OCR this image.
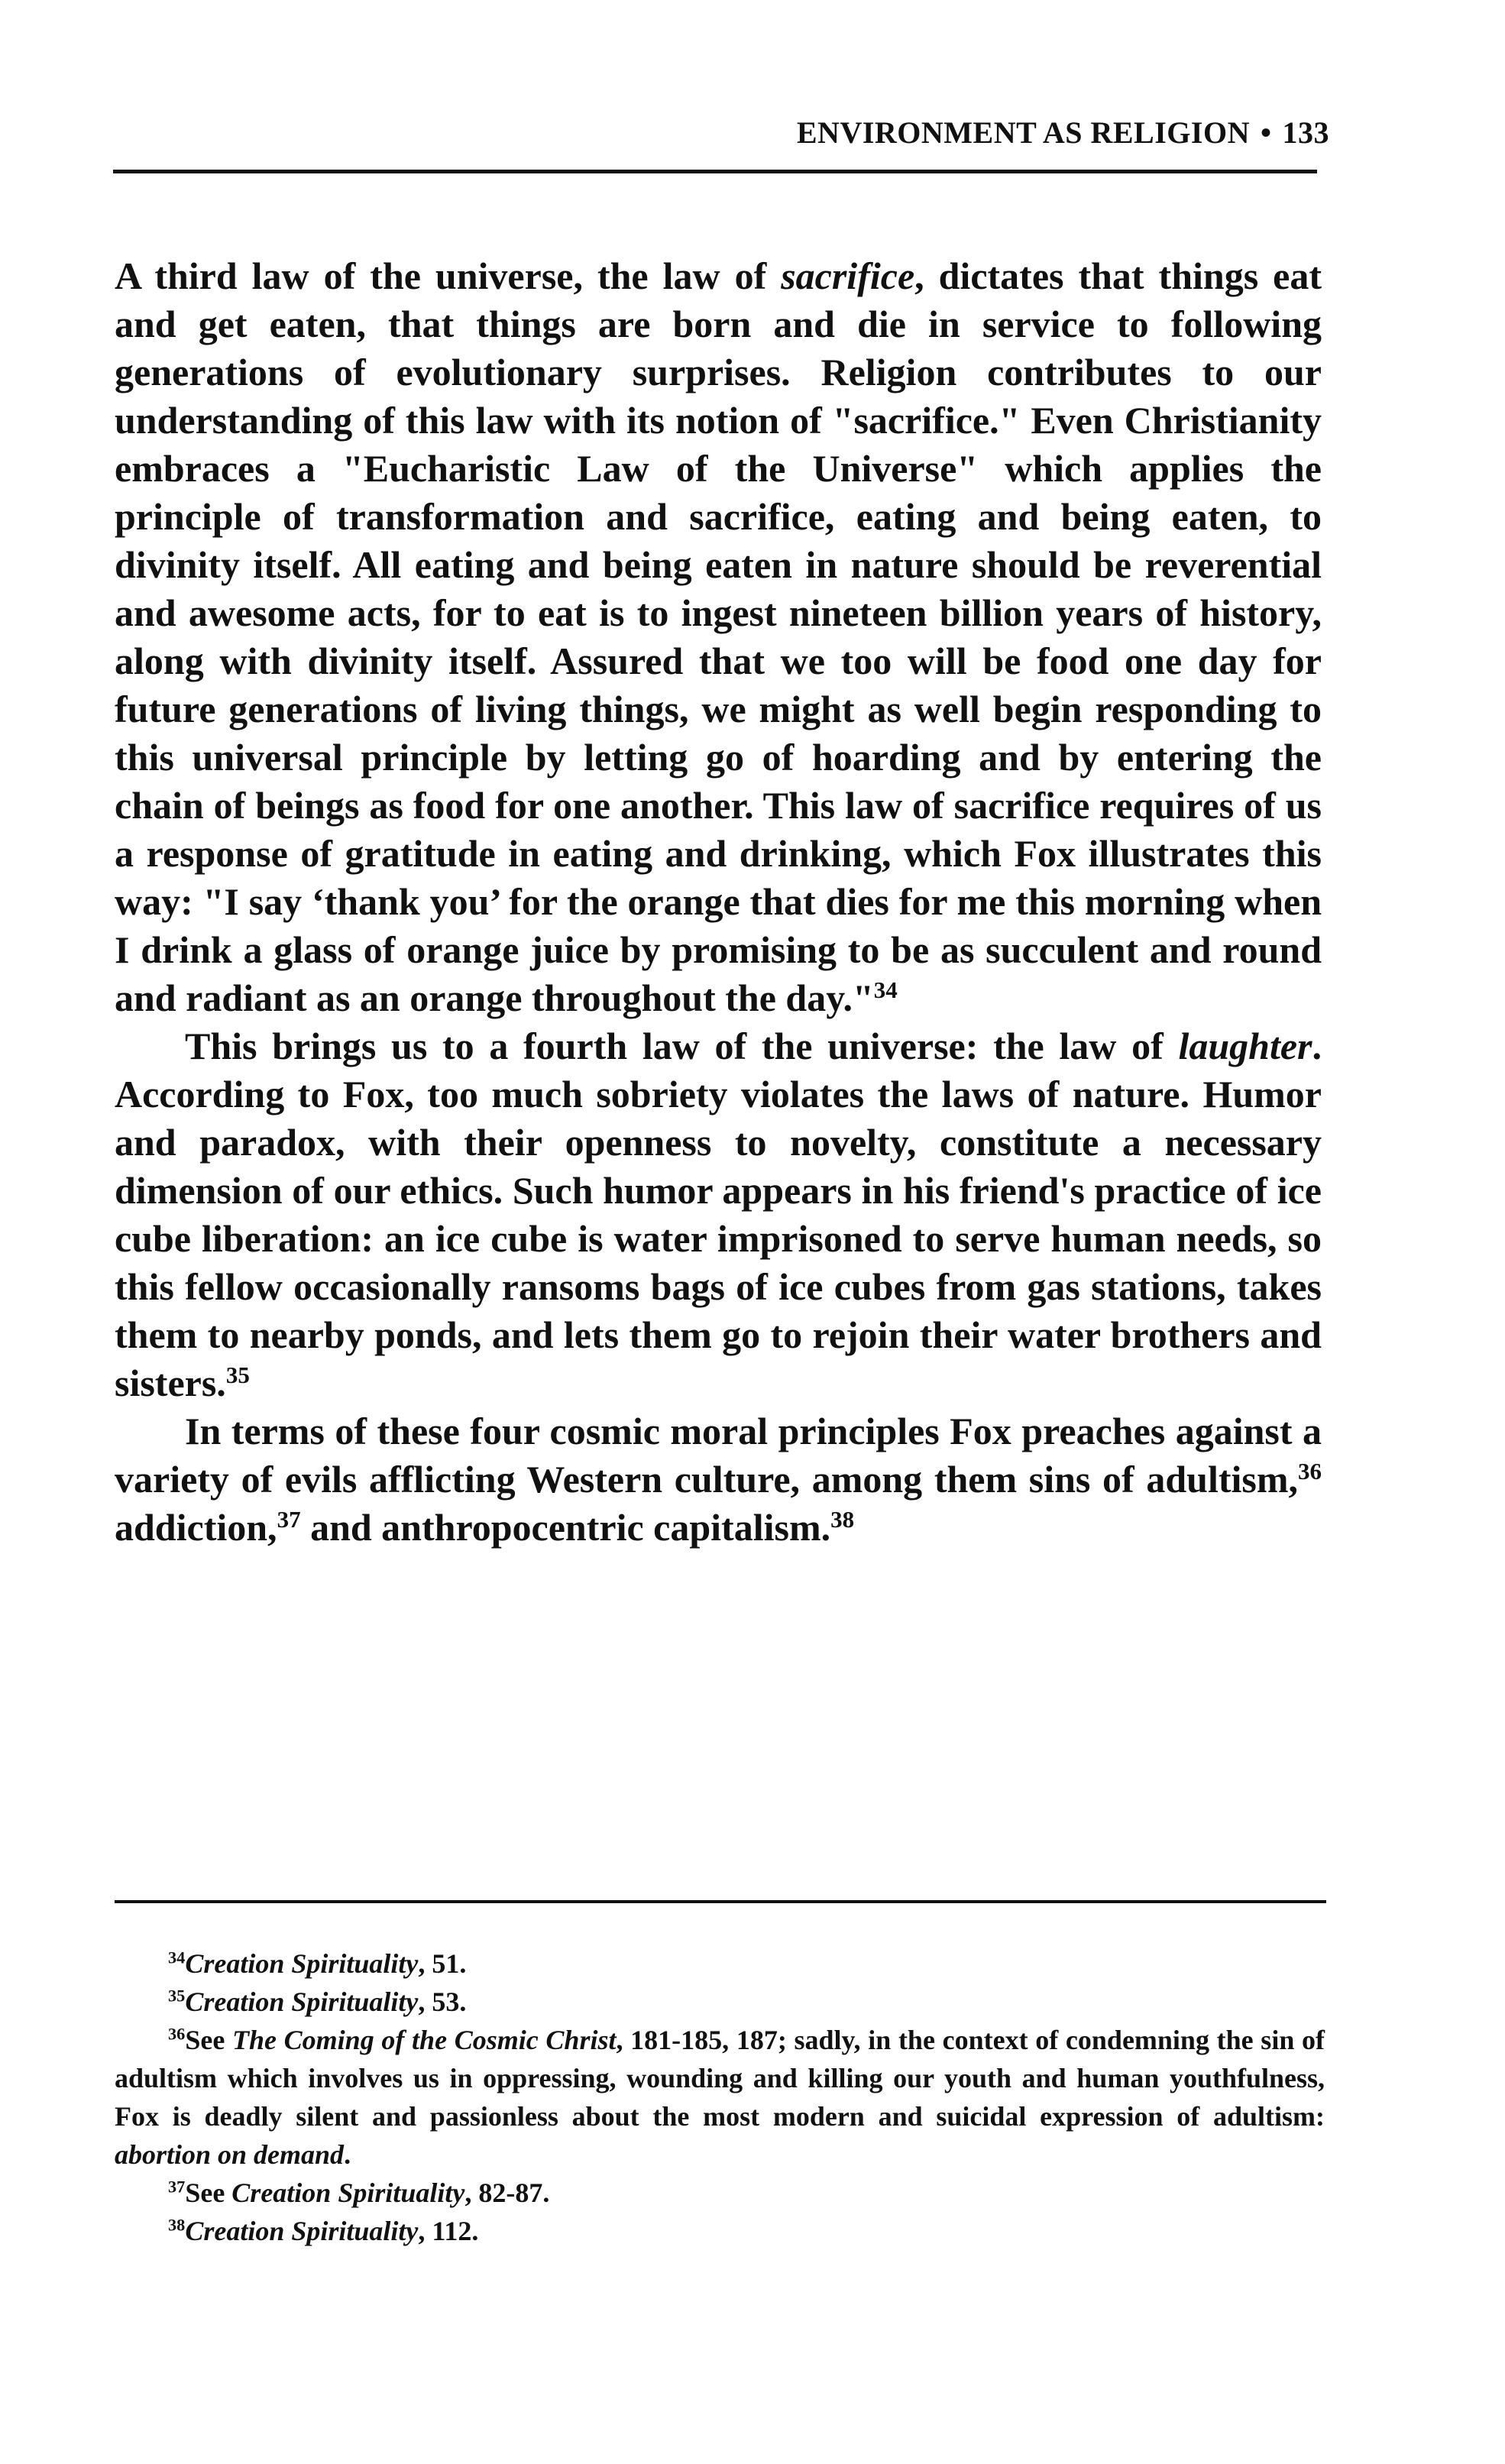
ENVIRONMENT AS RELIGION • 133

A third law of the universe, the law of sacrifice, dictates that things eat and get eaten, that things are born and die in service to following generations of evolutionary surprises. Religion contributes to our understanding of this law with its notion of "sacrifice." Even Christianity embraces a "Eucharistic Law of the Universe" which applies the principle of transformation and sacrifice, eating and being eaten, to divinity itself. All eating and being eaten in nature should be reverential and awesome acts, for to eat is to ingest nineteen billion years of history, along with divinity itself. Assured that we too will be food one day for future generations of living things, we might as well begin responding to this universal principle by letting go of hoarding and by entering the chain of beings as food for one another. This law of sacrifice requires of us a response of gratitude in eating and drinking, which Fox illustrates this way: "I say ‘thank you’ for the orange that dies for me this morning when I drink a glass of orange juice by promising to be as succulent and round and radiant as an orange throughout the day."$^{34}$

This brings us to a fourth law of the universe: the law of laughter. According to Fox, too much sobriety violates the laws of nature. Humor and paradox, with their openness to novelty, constitute a necessary dimension of our ethics. Such humor appears in his friend's practice of ice cube liberation: an ice cube is water imprisoned to serve human needs, so this fellow occasionally ransoms bags of ice cubes from gas stations, takes them to nearby ponds, and lets them go to rejoin their water brothers and sisters.$^{35}$

In terms of these four cosmic moral principles Fox preaches against a variety of evils afflicting Western culture, among them sins of adultism,$^{36}$ addiction,$^{37}$ and anthropocentric capitalism.$^{38}$

$^{34}$Creation Spirituality, 51.

$^{35}$Creation Spirituality, 53.

$^{36}$See The Coming of the Cosmic Christ, 181-185, 187; sadly, in the context of condemning the sin of adultism which involves us in oppressing, wounding and killing our youth and human youthfulness, Fox is deadly silent and passionless about the most modern and suicidal expression of adultism: abortion on demand.

$^{37}$See Creation Spirituality, 82-87.

$^{38}$Creation Spirituality, 112.
